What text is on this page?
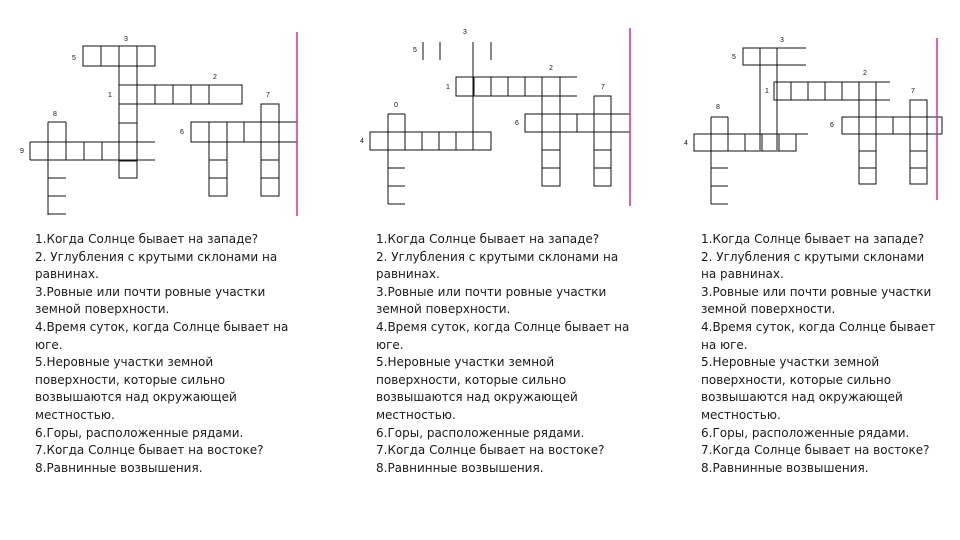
3
5
2
1	7
8
6
9

1.Когда Солнце бывает на западе?

2. Углубления с крутыми склонами на равнинах.

3.Ровные или почти ровные участки земной поверхности.

4.Время суток, когда Солнце бывает на юге.

5.Неровные участки земной поверхности, которые сильно возвышаются над окружающей местностью.

6.Горы, расположенные рядами.

7.Когда Солнце бывает на востоке?

8.Равнинные возвышения.

3
5
2
1	7
0
6
4

1.Когда Солнце бывает на западе?

2. Углубления с крутыми склонами на равнинах.

3.Ровные или почти ровные участки земной поверхности.

4.Время суток, когда Солнце бывает на юге.

5.Неровные участки земной поверхности, которые сильно возвышаются над окружающей местностью.

6.Горы, расположенные рядами.

7.Когда Солнце бывает на востоке?

8.Равнинные возвышения.

3
5
2
1	7
8
6
4

1.Когда Солнце бывает на западе?

2. Углубления с крутыми склонами на равнинах.

3.Ровные или почти ровные участки земной поверхности.

4.Время суток, когда Солнце бывает на юге.

5.Неровные участки земной поверхности, которые сильно возвышаются над окружающей местностью.

6.Горы, расположенные рядами.

7.Когда Солнце бывает на востоке?

8.Равнинные возвышения.
